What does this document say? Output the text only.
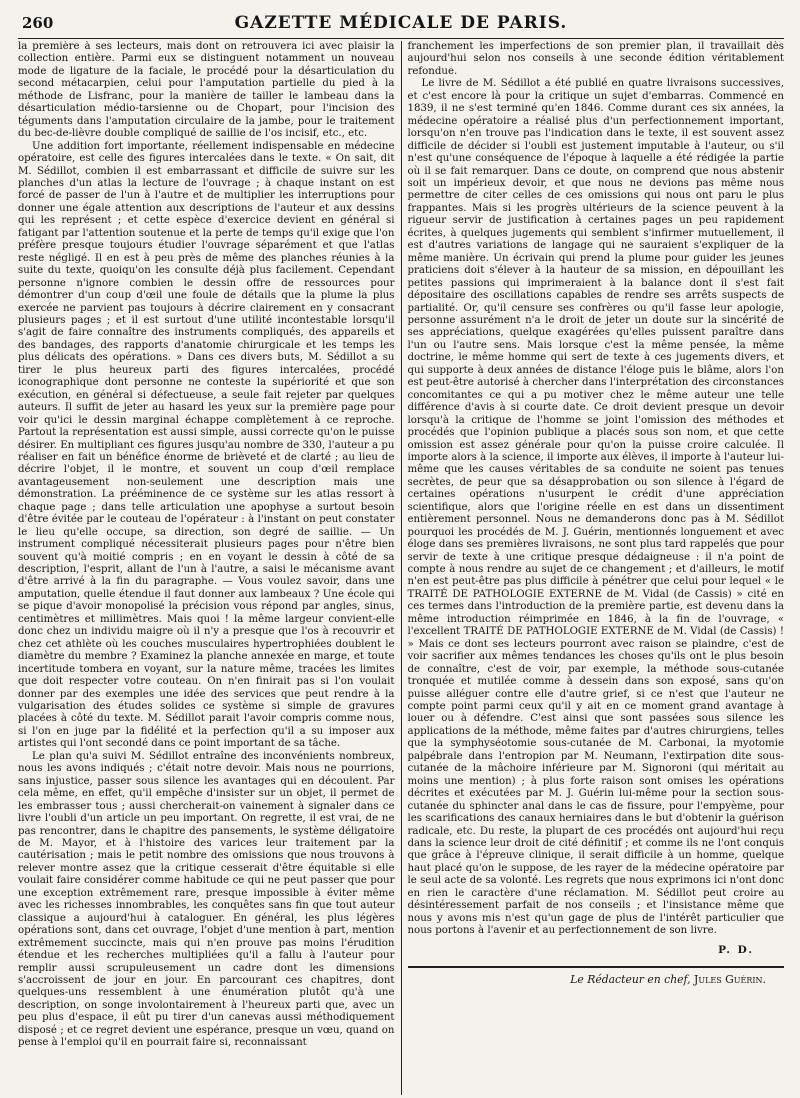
260	GAZETTE MÉDICALE DE PARIS.

la première à ses lecteurs, mais dont on retrouvera ici avec plaisir la collection entière. Parmi eux se distinguent notamment un nouveau mode de ligature de la faciale, le procédé pour la désarticulation du second métacarpien, celui pour l'amputation partielle du pied à la méthode de Lisfranc, pour la manière de tailler le lambeau dans la désarticulation médio-tarsienne ou de Chopart, pour l'incision des téguments dans l'amputation circulaire de la jambe, pour le traitement du bec-de-lièvre double compliqué de saillie de l'os incisif, etc., etc.

Une addition fort importante, réellement indispensable en médecine opératoire, est celle des figures intercalées dans le texte. « On sait, dit M. Sédillot, combien il est embarrassant et difficile de suivre sur les planches d'un atlas la lecture de l'ouvrage ; à chaque instant on est forcé de passer de l'un à l'autre et de multiplier les interruptions pour donner une égale attention aux descriptions de l'auteur et aux dessins qui les représent ; et cette espèce d'exercice devient en général si fatigant par l'attention soutenue et la perte de temps qu'il exige que l'on préfère presque toujours étudier l'ouvrage séparément et que l'atlas reste négligé. Il en est à peu près de même des planches réunies à la suite du texte, quoiqu'on les consulte déjà plus facilement. Cependant personne n'ignore combien le dessin offre de ressources pour démontrer d'un coup d'œil une foule de détails que la plume la plus exercée ne parvient pas toujours à décrire clairement en y consacrant plusieurs pages ; et il est surtout d'une utilité incontestable lorsqu'il s'agit de faire connaître des instruments compliqués, des appareils et des bandages, des rapports d'anatomie chirurgicale et les temps les plus délicats des opérations. » Dans ces divers buts, M. Sédillot a su tirer le plus heureux parti des figures intercalées, procédé iconographique dont personne ne conteste la supériorité et que son exécution, en général si défectueuse, a seule fait rejeter par quelques auteurs. Il suffit de jeter au hasard les yeux sur la première page pour voir qu'ici le dessin marginal échappe complètement à ce reproche. Partout la représentation est aussi simple, aussi correcte qu'on le puisse désirer. En multipliant ces figures jusqu'au nombre de 330, l'auteur a pu réaliser en fait un bénéfice énorme de brièveté et de clarté ; au lieu de décrire l'objet, il le montre, et souvent un coup d'œil remplace avantageusement non-seulement une description mais une démonstration. La prééminence de ce système sur les atlas ressort à chaque page ; dans telle articulation une apophyse a surtout besoin d'être évitée par le couteau de l'opérateur : à l'instant on peut constater le lieu qu'elle occupe, sa direction, son degré de saillie. — Un instrument compliqué nécessiterait plusieurs pages pour n'être bien souvent qu'à moitié compris ; en en voyant le dessin à côté de sa description, l'esprit, allant de l'un à l'autre, a saisi le mécanisme avant d'être arrivé à la fin du paragraphe. — Vous voulez savoir, dans une amputation, quelle étendue il faut donner aux lambeaux ? Une école qui se pique d'avoir monopolisé la précision vous répond par angles, sinus, centimètres et millimètres. Mais quoi ! la même largeur convient-elle donc chez un individu maigre où il n'y a presque que l'os à recouvrir et chez cet athlète où les couches musculaires hypertrophiées doublent le diamètre du membre ? Examinez la planche annexée en marge, et toute incertitude tombera en voyant, sur la nature même, tracées les limites que doit respecter votre couteau. On n'en finirait pas si l'on voulait donner par des exemples une idée des services que peut rendre à la vulgarisation des études solides ce système si simple de gravures placées à côté du texte. M. Sédillot parait l'avoir compris comme nous, si l'on en juge par la fidélité et la perfection qu'il a su imposer aux artistes qui l'ont secondé dans ce point important de sa tâche.

Le plan qu'a suivi M. Sédillot entraîne des inconvénients nombreux, nous les avons indiqués ; c'était notre devoir. Mais nous ne pourrions, sans injustice, passer sous silence les avantages qui en découlent. Par cela même, en effet, qu'il empêche d'insister sur un objet, il permet de les embrasser tous ; aussi chercherait-on vainement à signaler dans ce livre l'oubli d'un article un peu important. On regrette, il est vrai, de ne pas rencontrer, dans le chapitre des pansements, le système déligatoire de M. Mayor, et à l'histoire des varices leur traitement par la cautérisation ; mais le petit nombre des omissions que nous trouvons à relever montre assez que la critique cesserait d'être équitable si elle voulait faire considérer comme habitude ce qui ne peut passer que pour une exception extrêmement rare, presque impossible à éviter même avec les richesses innombrables, les conquêtes sans fin que tout auteur classique a aujourd'hui à cataloguer. En général, les plus légères opérations sont, dans cet ouvrage, l'objet d'une mention à part, mention extrêmement succincte, mais qui n'en prouve pas moins l'érudition étendue et les recherches multipliées qu'il a fallu à l'auteur pour remplir aussi scrupuleusement un cadre dont les dimensions s'accroissent de jour en jour. En parcourant ces chapitres, dont quelques-uns ressemblent à une énumération plutôt qu'à une description, on songe involontairement à l'heureux parti que, avec un peu plus d'espace, il eût pu tirer d'un canevas aussi méthodiquement disposé ; et ce regret devient une espérance, presque un vœu, quand on pense à l'emploi qu'il en pourrait faire si, reconnaissant

franchement les imperfections de son premier plan, il travaillait dès aujourd'hui selon nos conseils à une seconde édition véritablement refondue.

Le livre de M. Sédillot a été publié en quatre livraisons successives, et c'est encore là pour la critique un sujet d'embarras. Commencé en 1839, il ne s'est terminé qu'en 1846. Comme durant ces six années, la médecine opératoire a réalisé plus d'un perfectionnement important, lorsqu'on n'en trouve pas l'indication dans le texte, il est souvent assez difficile de décider si l'oubli est justement imputable à l'auteur, ou s'il n'est qu'une conséquence de l'époque à laquelle a été rédigée la partie où il se fait remarquer. Dans ce doute, on comprend que nous abstenir soit un impérieux devoir, et que nous ne devions pas même nous permettre de citer celles de ces omissions qui nous ont paru le plus frappantes. Mais si les progrès ultérieurs de la science peuvent à la rigueur servir de justification à certaines pages un peu rapidement écrites, à quelques jugements qui semblent s'infirmer mutuellement, il est d'autres variations de langage qui ne sauraient s'expliquer de la même manière. Un écrivain qui prend la plume pour guider les jeunes praticiens doit s'élever à la hauteur de sa mission, en dépouillant les petites passions qui imprimeraient à la balance dont il s'est fait dépositaire des oscillations capables de rendre ses arrêts suspects de partialité. Or, qu'il censure ses confrères ou qu'il fasse leur apologie, personne assurément n'a le droit de jeter un doute sur la sincérité de ses appréciations, quelque exagérées qu'elles puissent paraître dans l'un ou l'autre sens. Mais lorsque c'est la même pensée, la même doctrine, le même homme qui sert de texte à ces jugements divers, et qui supporte à deux années de distance l'éloge puis le blâme, alors l'on est peut-être autorisé à chercher dans l'interprétation des circonstances concomitantes ce qui a pu motiver chez le même auteur une telle différence d'avis à si courte date. Ce droit devient presque un devoir lorsqu'à la critique de l'homme se joint l'omission des méthodes et procédés que l'opinion publique a placés sous son nom, et que cette omission est assez générale pour qu'on la puisse croire calculée. Il importe alors à la science, il importe aux élèves, il importe à l'auteur lui-même que les causes véritables de sa conduite ne soient pas tenues secrètes, de peur que sa désapprobation ou son silence à l'égard de certaines opérations n'usurpent le crédit d'une appréciation scientifique, alors que l'origine réelle en est dans un dissentiment entièrement personnel. Nous ne demanderons donc pas à M. Sédillot pourquoi les procédés de M. J. Guérin, mentionnés longuement et avec éloge dans ses premières livraisons, ne sont plus tard rappelés que pour servir de texte à une critique presque dédaigneuse : il n'a point de compte à nous rendre au sujet de ce changement ; et d'ailleurs, le motif n'en est peut-être pas plus difficile à pénétrer que celui pour lequel « le TRAITÉ DE PATHOLOGIE EXTERNE de M. Vidal (de Cassis) » cité en ces termes dans l'introduction de la première partie, est devenu dans la même introduction réimprimée en 1846, à la fin de l'ouvrage, « l'excellent TRAITÉ DE PATHOLOGIE EXTERNE de M. Vidal (de Cassis) ! » Mais ce dont ses lecteurs pourront avec raison se plaindre, c'est de voir sacrifier aux mêmes tendances les choses qu'ils ont le plus besoin de connaître, c'est de voir, par exemple, la méthode sous-cutanée tronquée et mutilée comme à dessein dans son exposé, sans qu'on puisse alléguer contre elle d'autre grief, si ce n'est que l'auteur ne compte point parmi ceux qu'il y ait en ce moment grand avantage à louer ou à défendre. C'est ainsi que sont passées sous silence les applications de la méthode, même faites par d'autres chirurgiens, telles que la symphyséotomie sous-cutanée de M. Carbonai, la myotomie palpébrale dans l'entropion par M. Neumann, l'extirpation dite sous-cutanée de la mâchoire inférieure par M. Signoroni (qui méritait au moins une mention) ; à plus forte raison sont omises les opérations décrites et exécutées par M. J. Guérin lui-même pour la section sous-cutanée du sphincter anal dans le cas de fissure, pour l'empyème, pour les scarifications des canaux herniaires dans le but d'obtenir la guérison radicale, etc. Du reste, la plupart de ces procédés ont aujourd'hui reçu dans la science leur droit de cité définitif ; et comme ils ne l'ont conquis que grâce à l'épreuve clinique, il serait difficile à un homme, quelque haut placé qu'on le suppose, de les rayer de la médecine opératoire par le seul acte de sa volonté. Les regrets que nous exprimons ici n'ont donc en rien le caractère d'une réclamation. M. Sédillot peut croire au désintéressement parfait de nos conseils ; et l'insistance même que nous y avons mis n'est qu'un gage de plus de l'intérêt particulier que nous portons à l'avenir et au perfectionnement de son livre.

P. D.
Le Rédacteur en chef, Jules Guérin.
